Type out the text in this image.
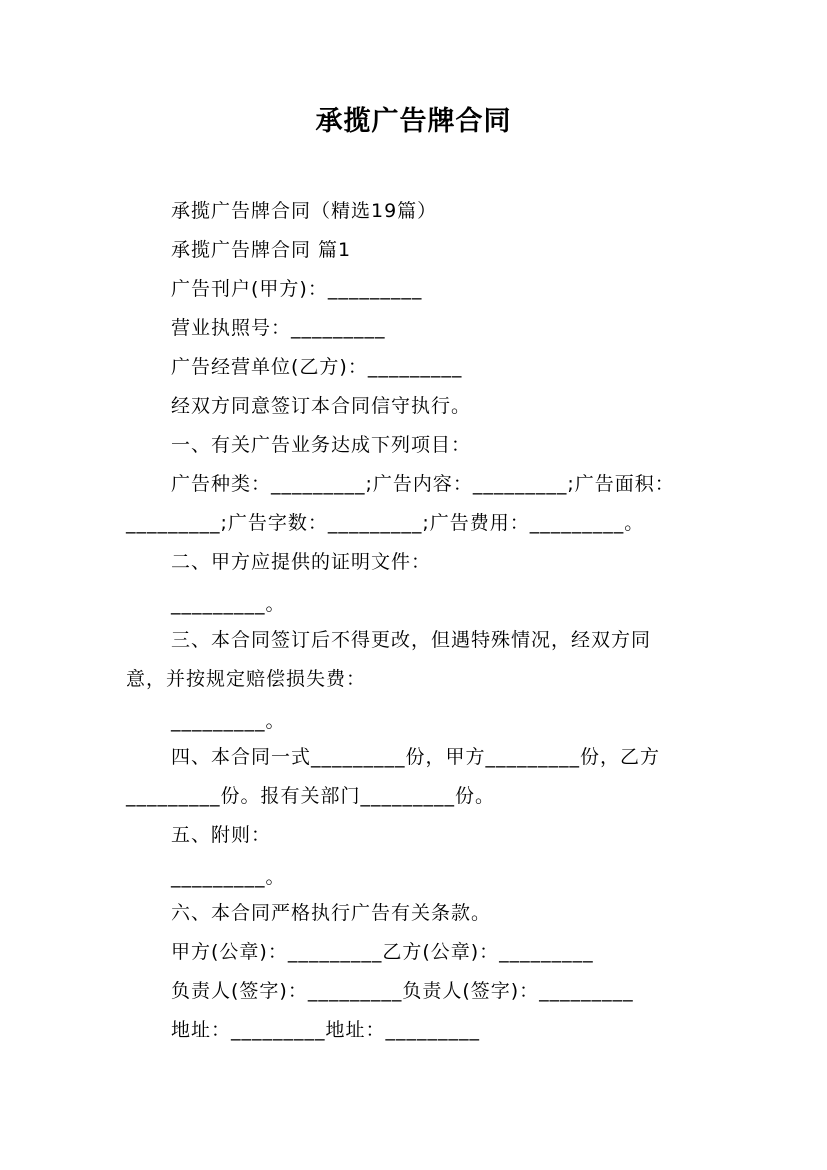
承揽广告牌合同
承揽广告牌合同（精选19篇）
承揽广告牌合同 篇1
广告刊户(甲方)：_________
营业执照号：_________
广告经营单位(乙方)：_________
经双方同意签订本合同信守执行。
一、有关广告业务达成下列项目：
广告种类：_________;广告内容：_________;广告面积：
_________;广告字数：_________;广告费用：_________。
二、甲方应提供的证明文件：
_________。
三、本合同签订后不得更改，但遇特殊情况，经双方同
意，并按规定赔偿损失费：
_________。
四、本合同一式_________份，甲方_________份，乙方
_________份。报有关部门_________份。
五、附则：
_________。
六、本合同严格执行广告有关条款。
甲方(公章)：_________乙方(公章)：_________
负责人(签字)：_________负责人(签字)：_________
地址：_________地址：_________
